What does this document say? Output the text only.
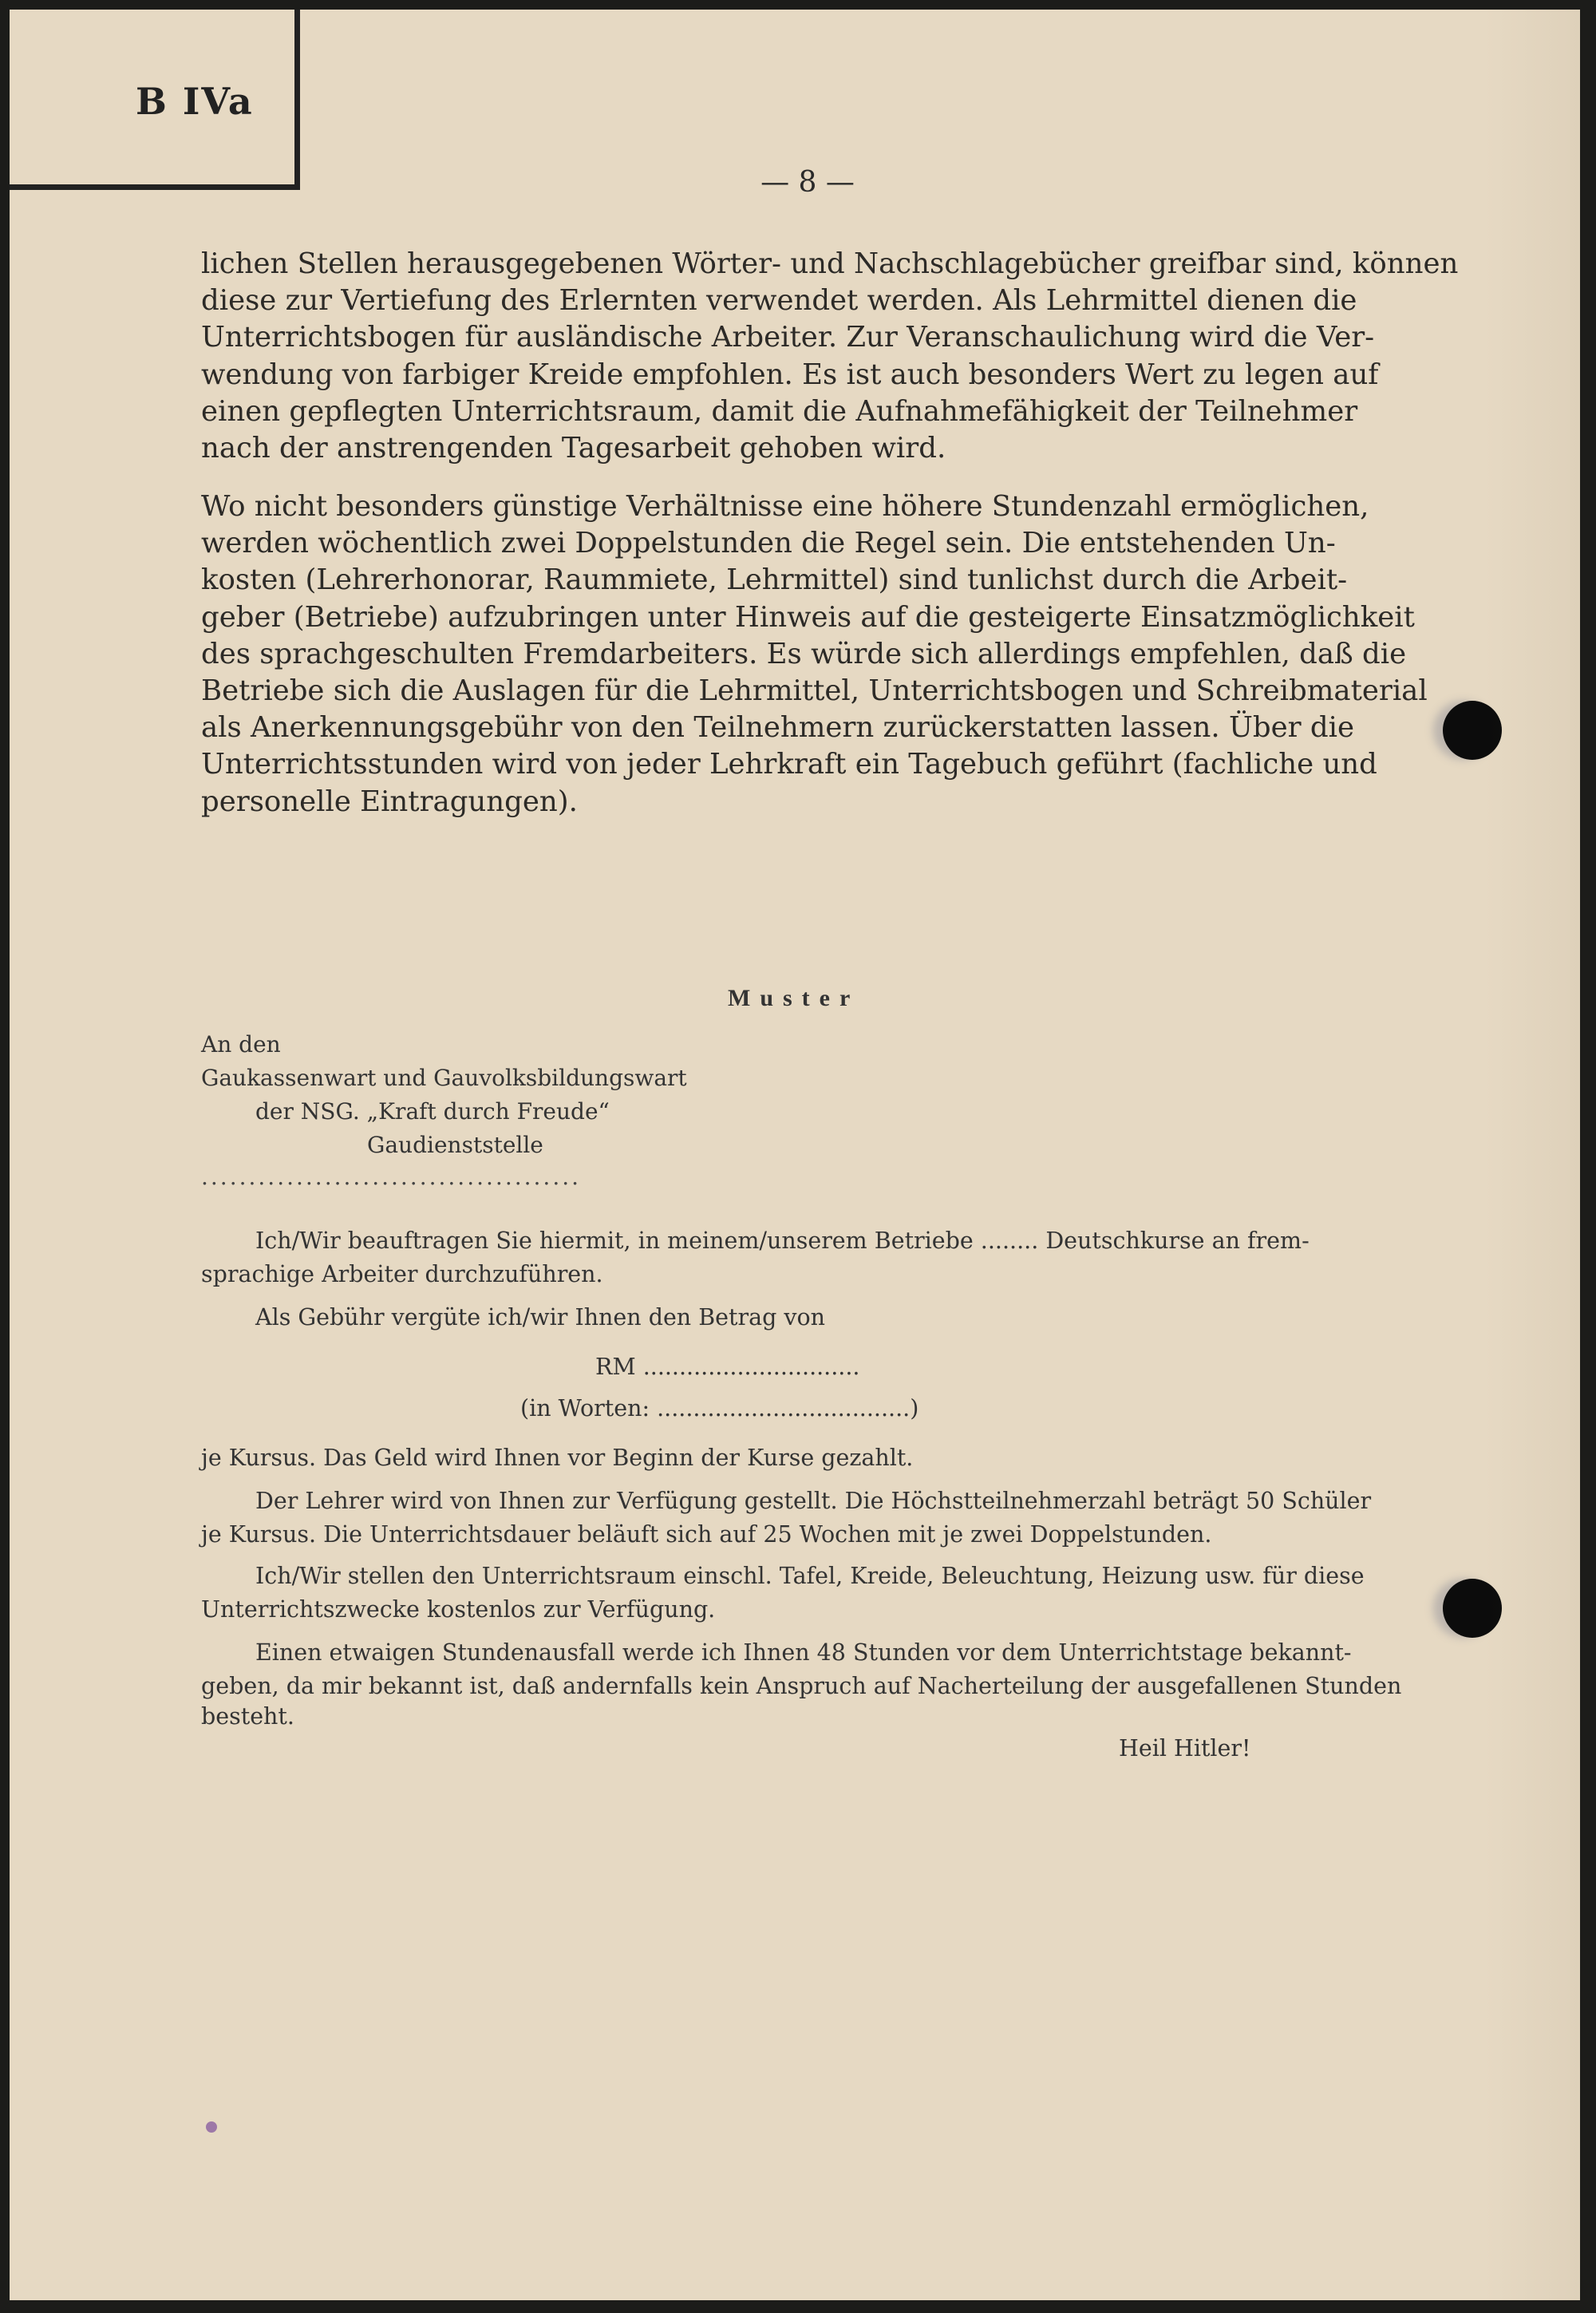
B IVa
— 8 —

lichen Stellen herausgegebenen Wörter- und Nachschlagebücher greifbar sind, können
diese zur Vertiefung des Erlernten verwendet werden. Als Lehrmittel dienen die
Unterrichtsbogen für ausländische Arbeiter. Zur Veranschaulichung wird die Ver-
wendung von farbiger Kreide empfohlen. Es ist auch besonders Wert zu legen auf
einen gepflegten Unterrichtsraum, damit die Aufnahmefähigkeit der Teilnehmer
nach der anstrengenden Tagesarbeit gehoben wird.

Wo nicht besonders günstige Verhältnisse eine höhere Stundenzahl ermöglichen,
werden wöchentlich zwei Doppelstunden die Regel sein. Die entstehenden Un-
kosten (Lehrerhonorar, Raummiete, Lehrmittel) sind tunlichst durch die Arbeit-
geber (Betriebe) aufzubringen unter Hinweis auf die gesteigerte Einsatzmöglichkeit
des sprachgeschulten Fremdarbeiters. Es würde sich allerdings empfehlen, daß die
Betriebe sich die Auslagen für die Lehrmittel, Unterrichtsbogen und Schreibmaterial
als Anerkennungsgebühr von den Teilnehmern zurückerstatten lassen. Über die
Unterrichtsstunden wird von jeder Lehrkraft ein Tagebuch geführt (fachliche und
personelle Eintragungen).

Muster
An den
Gaukassenwart und Gauvolksbildungswart
der NSG. „Kraft durch Freude“
Gaudienststelle
........................................
Ich/Wir beauftragen Sie hiermit, in meinem/unserem Betriebe ........ Deutschkurse an frem-
sprachige Arbeiter durchzuführen.
Als Gebühr vergüte ich/wir Ihnen den Betrag von
RM ..............................
(in Worten: ...................................)
je Kursus. Das Geld wird Ihnen vor Beginn der Kurse gezahlt.
Der Lehrer wird von Ihnen zur Verfügung gestellt. Die Höchstteilnehmerzahl beträgt 50 Schüler
je Kursus. Die Unterrichtsdauer beläuft sich auf 25 Wochen mit je zwei Doppelstunden.
Ich/Wir stellen den Unterrichtsraum einschl. Tafel, Kreide, Beleuchtung, Heizung usw. für diese
Unterrichtszwecke kostenlos zur Verfügung.
Einen etwaigen Stundenausfall werde ich Ihnen 48 Stunden vor dem Unterrichtstage bekannt-
geben, da mir bekannt ist, daß andernfalls kein Anspruch auf Nacherteilung der ausgefallenen Stunden
besteht.
Heil Hitler!
